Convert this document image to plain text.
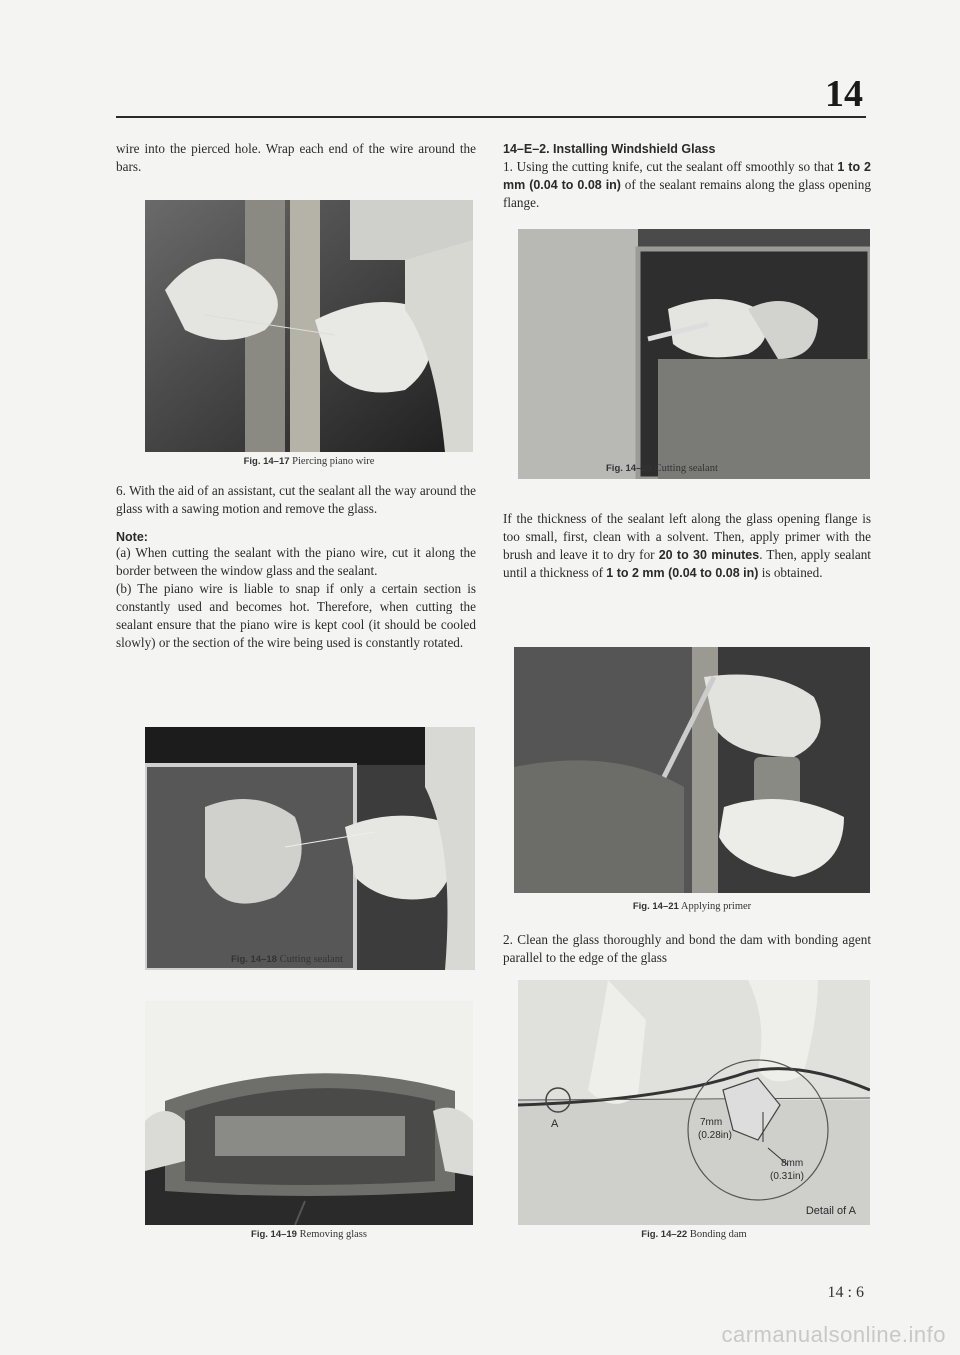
14

wire into the pierced hole. Wrap each end of the wire around the bars.

Fig. 14–17 Piercing piano wire

6. With the aid of an assistant, cut the sealant all the way around the glass with a sawing motion and remove the glass.

Note:

(a) When cutting the sealant with the piano wire, cut it along the border between the window glass and the sealant.

(b) The piano wire is liable to snap if only a certain section is constantly used and becomes hot. Therefore, when cutting the sealant ensure that the piano wire is kept cool (it should be cooled slowly) or the section of the wire being used is constantly rotated.

Fig. 14–18 Cutting sealant
Fig. 14–19 Removing glass
14–E–2. Installing Windshield Glass

1. Using the cutting knife, cut the sealant off smoothly so that 1 to 2 mm (0.04 to 0.08 in) of the sealant remains along the glass opening flange.

Fig. 14–20 Cutting sealant

If the thickness of the sealant left along the glass opening flange is too small, first, clean with a solvent. Then, apply primer with the brush and leave it to dry for 20 to 30 minutes. Then, apply sealant until a thickness of 1 to 2 mm (0.04 to 0.08 in) is obtained.

Fig. 14–21 Applying primer

2. Clean the glass thoroughly and bond the dam with bonding agent parallel to the edge of the glass

A	7mm
(0.28in)
8mm
(0.31in)
Detail of A
Fig. 14–22 Bonding dam
14 : 6
carmanualsonline.info
